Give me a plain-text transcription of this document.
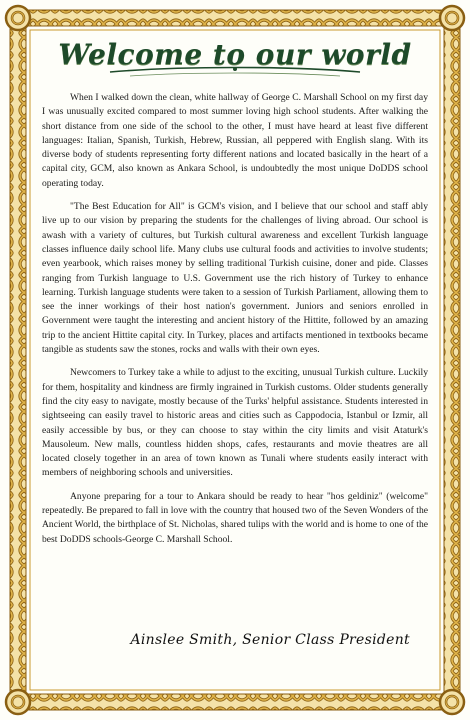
Welcome to our world

When I walked down the clean, white hallway of George C. Marshall School on my first day I was unusually excited compared to most summer loving high school students. After walking the short distance from one side of the school to the other, I must have heard at least five different languages: Italian, Spanish, Turkish, Hebrew, Russian, all peppered with English slang. With its diverse body of students representing forty different nations and located basically in the heart of a capital city, GCM, also known as Ankara School, is undoubtedly the most unique DoDDS school operating today.

"The Best Education for All" is GCM's vision, and I believe that our school and staff ably live up to our vision by preparing the students for the challenges of living abroad. Our school is awash with a variety of cultures, but Turkish cultural awareness and excellent Turkish language classes influence daily school life. Many clubs use cultural foods and activities to involve students; even yearbook, which raises money by selling traditional Turkish cuisine, doner and pide. Classes ranging from Turkish language to U.S. Government use the rich history of Turkey to enhance learning. Turkish language students were taken to a session of Turkish Parliament, allowing them to see the inner workings of their host nation's government. Juniors and seniors enrolled in Government were taught the interesting and ancient history of the Hittite, followed by an amazing trip to the ancient Hittite capital city. In Turkey, places and artifacts mentioned in textbooks became tangible as students saw the stones, rocks and walls with their own eyes.

Newcomers to Turkey take a while to adjust to the exciting, unusual Turkish culture. Luckily for them, hospitality and kindness are firmly ingrained in Turkish customs. Older students generally find the city easy to navigate, mostly because of the Turks' helpful assistance. Students interested in sightseeing can easily travel to historic areas and cities such as Cappodocia, Istanbul or Izmir, all easily accessible by bus, or they can choose to stay within the city limits and visit Ataturk's Mausoleum. New malls, countless hidden shops, cafes, restaurants and movie theatres are all located closely together in an area of town known as Tunali where students easily interact with members of neighboring schools and universities.

Anyone preparing for a tour to Ankara should be ready to hear "hos geldiniz" (welcome" repeatedly. Be prepared to fall in love with the country that housed two of the Seven Wonders of the Ancient World, the birthplace of St. Nicholas, shared tulips with the world and is home to one of the best DoDDS schools-George C. Marshall School.

Ainslee Smith, Senior Class President
